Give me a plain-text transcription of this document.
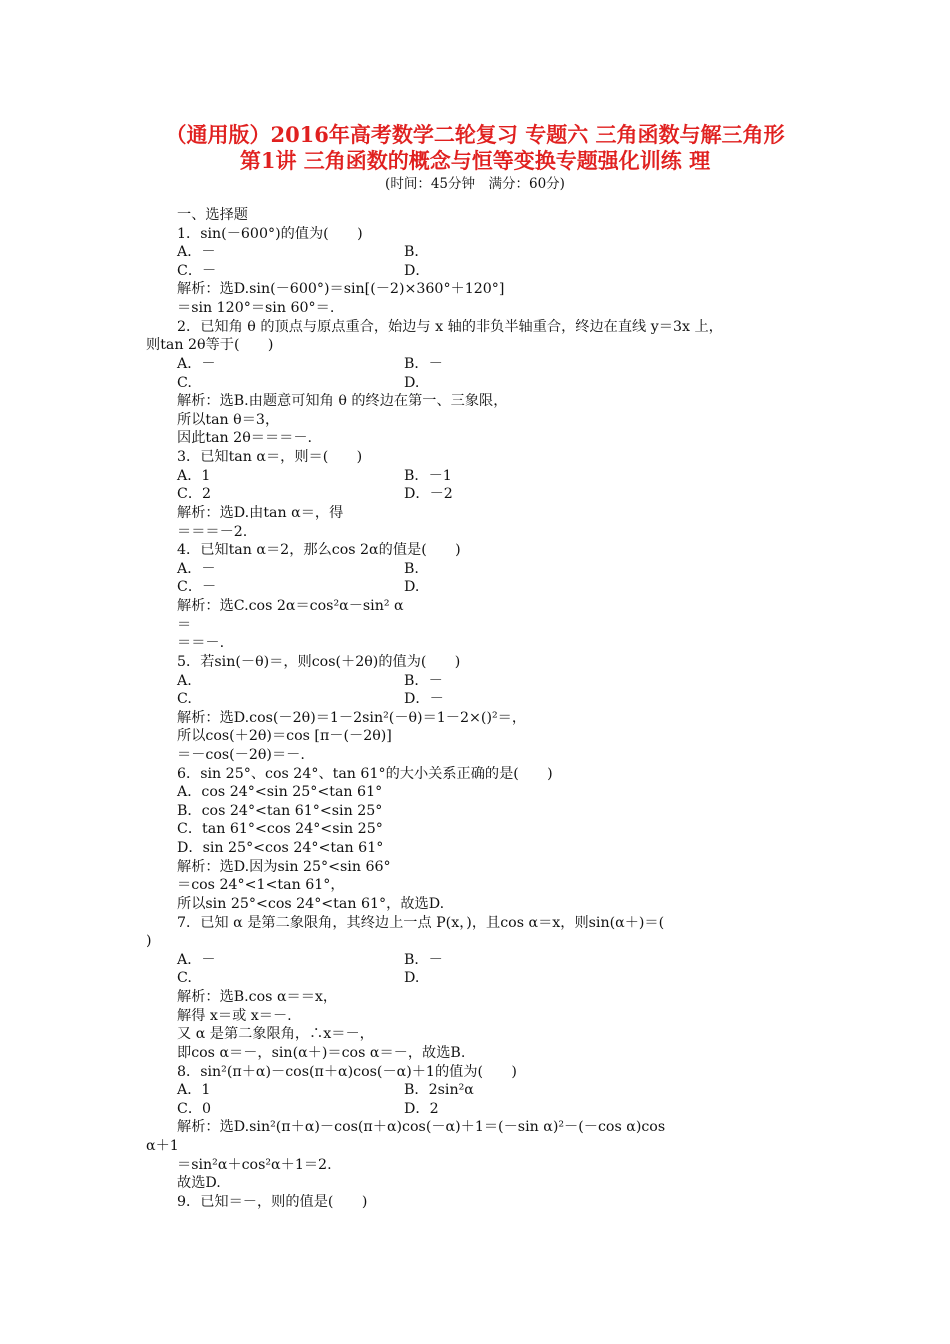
（通用版）2016年高考数学二轮复习 专题六 三角函数与解三角形
第1讲 三角函数的概念与恒等变换专题强化训练 理
(时间：45分钟　满分：60分)
一、选择题
1．sin(－600°)的值为(　　)
A．－	B．
C．－	D．
解析：选D.sin(－600°)＝sin[(－2)×360°＋120°]
＝sin 120°＝sin 60°＝.
2．已知角 θ 的顶点与原点重合，始边与 x 轴的非负半轴重合，终边在直线 y＝3x 上，
则tan 2θ等于(　　)
A．－	B．－
C.	D.
解析：选B.由题意可知角 θ 的终边在第一、三象限，
所以tan θ＝3，
因此tan 2θ＝＝＝－.
3．已知tan α＝，则＝(　　)
A．1	B．－1
C．2	D．－2
解析：选D.由tan α＝，得
＝＝＝－2.
4．已知tan α＝2，那么cos 2α的值是(　　)
A．－	B.
C．－	D.
解析：选C.cos 2α＝cos²α－sin² α
＝
＝＝－.
5．若sin(－θ)＝，则cos(＋2θ)的值为(　　)
A.	B．－
C.	D．－
解析：选D.cos(－2θ)＝1－2sin²(－θ)＝1－2×()²＝，
所以cos(＋2θ)＝cos [π－(－2θ)]
＝－cos(－2θ)＝－.
6．sin 25°、cos 24°、tan 61°的大小关系正确的是(　　)
A．cos 24°<sin 25°<tan 61°
B．cos 24°<tan 61°<sin 25°
C．tan 61°<cos 24°<sin 25°
D．sin 25°<cos 24°<tan 61°
解析：选D.因为sin 25°<sin 66°
＝cos 24°<1<tan 61°，
所以sin 25°<cos 24°<tan 61°，故选D.
7．已知 α 是第二象限角，其终边上一点 P(x，)，且cos α＝x，则sin(α＋)＝(
)
A．－	B．－
C.	D.
解析：选B.cos α＝＝x，
解得 x＝或 x＝－.
又 α 是第二象限角，∴x＝－，
即cos α＝－，sin(α＋)＝cos α＝－，故选B.
8．sin²(π＋α)－cos(π＋α)cos(－α)＋1的值为(　　)
A．1	B．2sin²α
C．0	D．2
解析：选D.sin²(π＋α)－cos(π＋α)cos(－α)＋1＝(－sin α)²－(－cos α)cos
α＋1
＝sin²α＋cos²α＋1＝2.
故选D.
9．已知＝－，则的值是(　　)
